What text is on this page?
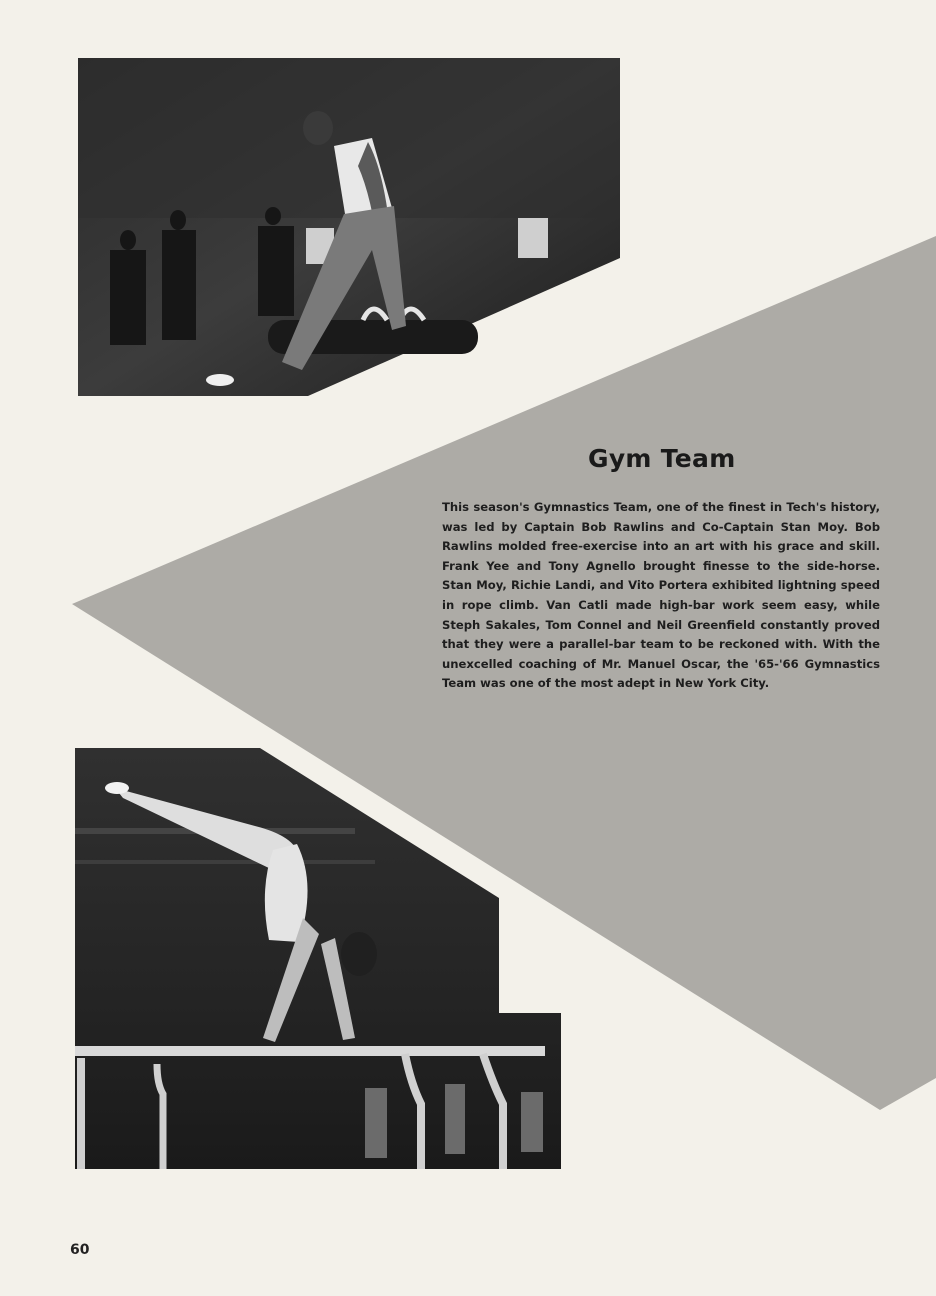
Gym Team

This season's Gymnastics Team, one of the finest in Tech's history, was led by Captain Bob Rawlins and Co-Captain Stan Moy. Bob Rawlins molded free-exercise into an art with his grace and skill. Frank Yee and Tony Agnello brought finesse to the side-horse. Stan Moy, Richie Landi, and Vito Portera exhibited lightning speed in rope climb. Van Catli made high-bar work seem easy, while Steph Sakales, Tom Connel and Neil Greenfield constantly proved that they were a parallel-bar team to be reckoned with. With the unexcelled coaching of Mr. Manuel Oscar, the '65-'66 Gymnastics Team was one of the most adept in New York City.

60
